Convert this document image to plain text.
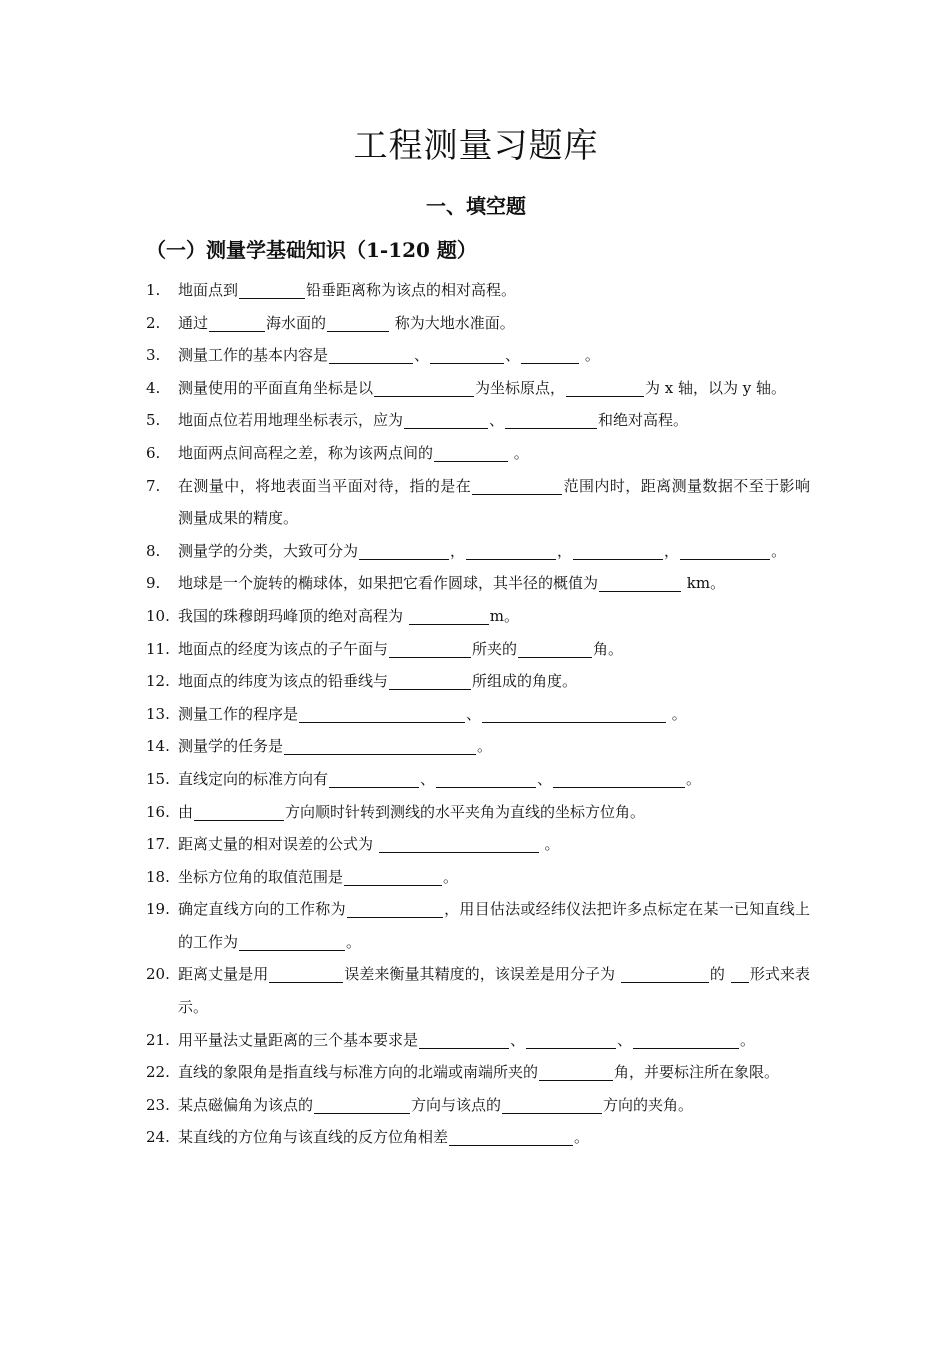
工程测量习题库
一、填空题
（一）测量学基础知识（1-120 题）
1. 地面点到	铅垂距离称为该点的相对高程。
2. 通过	海水面的	称为大地水准面。
3. 测量工作的基本内容是	、	、	。
4. 测量使用的平面直角坐标是以	为坐标原点，	为 x 轴，以为 y 轴。
5. 地面点位若用地理坐标表示，应为	、	和绝对高程。
6. 地面两点间高程之差，称为该两点间的	。
7. 在测量中，将地表面当平面对待，指的是在	范围内时，距离测量数据不至于影响测量成果的精度。
8. 测量学的分类，大致可分为	，	，	，	。
9. 地球是一个旋转的椭球体，如果把它看作圆球，其半径的概值为	km。
10. 我国的珠穆朗玛峰顶的绝对高程为	m。
11. 地面点的经度为该点的子午面与	所夹的	角。
12. 地面点的纬度为该点的铅垂线与	所组成的角度。
13. 测量工作的程序是	、	。
14. 测量学的任务是	。
15. 直线定向的标准方向有	、	、	。
16. 由	方向顺时针转到测线的水平夹角为直线的坐标方位角。
17. 距离丈量的相对误差的公式为	。
18. 坐标方位角的取值范围是	。
19. 确定直线方向的工作称为	，用目估法或经纬仪法把许多点标定在某一已知直线上的工作为	。
20. 距离丈量是用	误差来衡量其精度的，该误差是用分子为	的 形式来表示。
21. 用平量法丈量距离的三个基本要求是	、	、	。
22. 直线的象限角是指直线与标准方向的北端或南端所夹的	角，并要标注所在象限。
23. 某点磁偏角为该点的	方向与该点的	方向的夹角。
24. 某直线的方位角与该直线的反方位角相差	。
